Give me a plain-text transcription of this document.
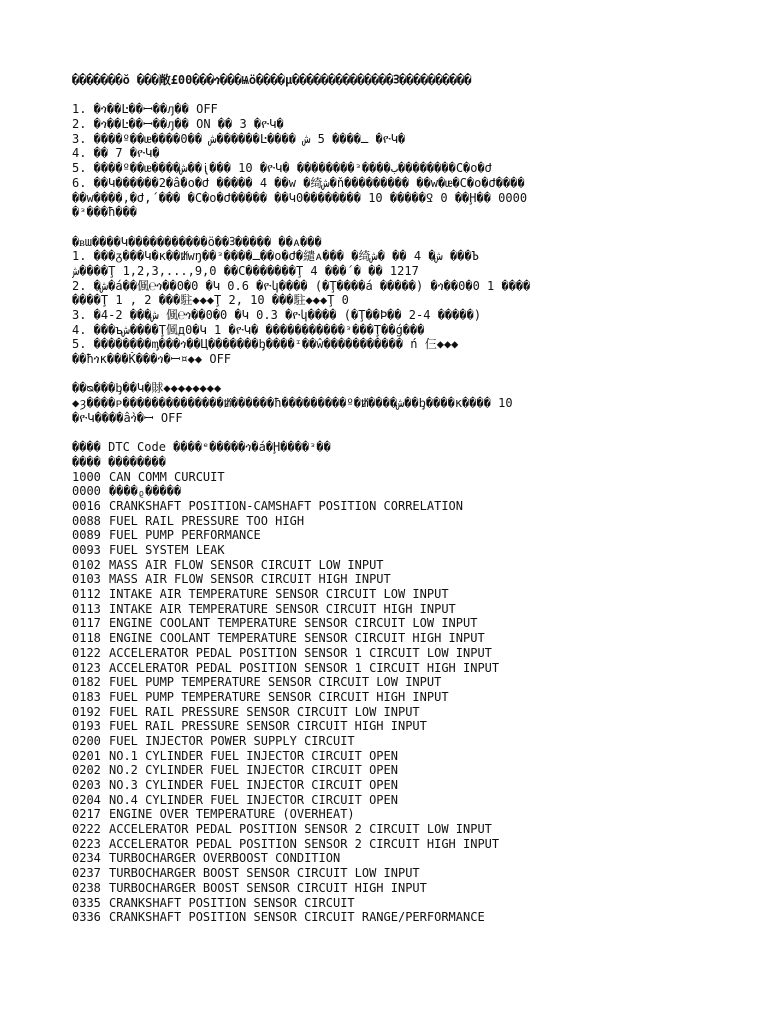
�������ŏ ���敞£00���ጎ���Ѩö����µ��������������ᢃ����������
1. �ጎ��Ŀ��ꟷ��ԓ�� OFF
2. �ጎ��Ŀ��ꟷ��ԓ�� ON �� 3 �ዮԿ�
3. ����º��ᵫ����ش ��0������Ŀ���� ـ���� 5 ش �ዮԿ�
4. �� 7 �ዮԿ�
5. ����º��ᵫ����ش��ᶖ��� 10 �ዮԿ� ��������ᵌ����ب��������C�o�Ժ
6. ��Կ������2�ầ�o�Ժ ����� 4 ��w �绮ش�ň��������� ��w�ᵫ�C�o�Ժ����
��w����,�Ժ,´��� �C�o�Ժ����� ��Կ0�������� 10 �����Ꝿ 0 ��Ḩ�� 0000
�ᵌ���ħ���
�ᏼա����Կ�����������ö��ᢃ����� ��ᴀ���
1. ���ᵹ���Կ�ĸ��ᵺwŋ��ᵌ����ـ��o�Ժ�繾ᴀ��� �绮ش� 4 �� �ش ���Ъ
ش����Ţ 1,2,3,...,9,0 ��C�������Ţ 4 ���´� �� 1217
2. �ش�á��偑℮ጎ��0�0 �Կ 0.6 �ዮկ���� (�Ţ����á �����) �ጎ��0�0 1 ����
����Ţ 1 , 2 ���駐◆◆◆Ţ 2, 10 ���駐◆◆◆Ţ 0
3. �4-2 ���ش 偑℮ጎ��0�0 �Կ 0.3 �ዮկ���� (�Ţ��Ϸ�� 2-4 �����)
4. ���ъش����Ţ偑д0�Կ 1 �ዮԿ� �����������ᵌ���Ţ��ǵ���
5. ��������ᶆ���ጎ��Ц�������ᶀ����ᶦ��ŵ����������� ń 仨◆◆◆
��ħጎĸ���Ǩ���ጎ�ꟷ¤◆◆ OFF
��ᴓ���ᶀ��Կ�賕◆◆◆◆◆◆◆◆
◆ȝ����ᴘ��������������ᵺ������ħ���������º�ᵺ����ش��ᶀ����ĸ���� 10
�ዮԿ����ầጎ�ꟷ OFF
���� DTC Code ����ᵉ�����ጎ�á�Ḩ����ᵌ��
���� ��������
1000 CAN COMM CURCUIT
0000 ����ᵨ�����
0016 CRANKSHAFT POSITION-CAMSHAFT POSITION CORRELATION
0088 FUEL RAIL PRESSURE TOO HIGH
0089 FUEL PUMP PERFORMANCE
0093 FUEL SYSTEM LEAK
0102 MASS AIR FLOW SENSOR CIRCUIT LOW INPUT
0103 MASS AIR FLOW SENSOR CIRCUIT HIGH INPUT
0112 INTAKE AIR TEMPERATURE SENSOR CIRCUIT LOW INPUT
0113 INTAKE AIR TEMPERATURE SENSOR CIRCUIT HIGH INPUT
0117 ENGINE COOLANT TEMPERATURE SENSOR CIRCUIT LOW INPUT
0118 ENGINE COOLANT TEMPERATURE SENSOR CIRCUIT HIGH INPUT
0122 ACCELERATOR PEDAL POSITION SENSOR 1 CIRCUIT LOW INPUT
0123 ACCELERATOR PEDAL POSITION SENSOR 1 CIRCUIT HIGH INPUT
0182 FUEL PUMP TEMPERATURE SENSOR CIRCUIT LOW INPUT
0183 FUEL PUMP TEMPERATURE SENSOR CIRCUIT HIGH INPUT
0192 FUEL RAIL PRESSURE SENSOR CIRCUIT LOW INPUT
0193 FUEL RAIL PRESSURE SENSOR CIRCUIT HIGH INPUT
0200 FUEL INJECTOR POWER SUPPLY CIRCUIT
0201 NO.1 CYLINDER FUEL INJECTOR CIRCUIT OPEN
0202 NO.2 CYLINDER FUEL INJECTOR CIRCUIT OPEN
0203 NO.3 CYLINDER FUEL INJECTOR CIRCUIT OPEN
0204 NO.4 CYLINDER FUEL INJECTOR CIRCUIT OPEN
0217 ENGINE OVER TEMPERATURE (OVERHEAT)
0222 ACCELERATOR PEDAL POSITION SENSOR 2 CIRCUIT LOW INPUT
0223 ACCELERATOR PEDAL POSITION SENSOR 2 CIRCUIT HIGH INPUT
0234 TURBOCHARGER OVERBOOST CONDITION
0237 TURBOCHARGER BOOST SENSOR CIRCUIT LOW INPUT
0238 TURBOCHARGER BOOST SENSOR CIRCUIT HIGH INPUT
0335 CRANKSHAFT POSITION SENSOR CIRCUIT
0336 CRANKSHAFT POSITION SENSOR CIRCUIT RANGE/PERFORMANCE
